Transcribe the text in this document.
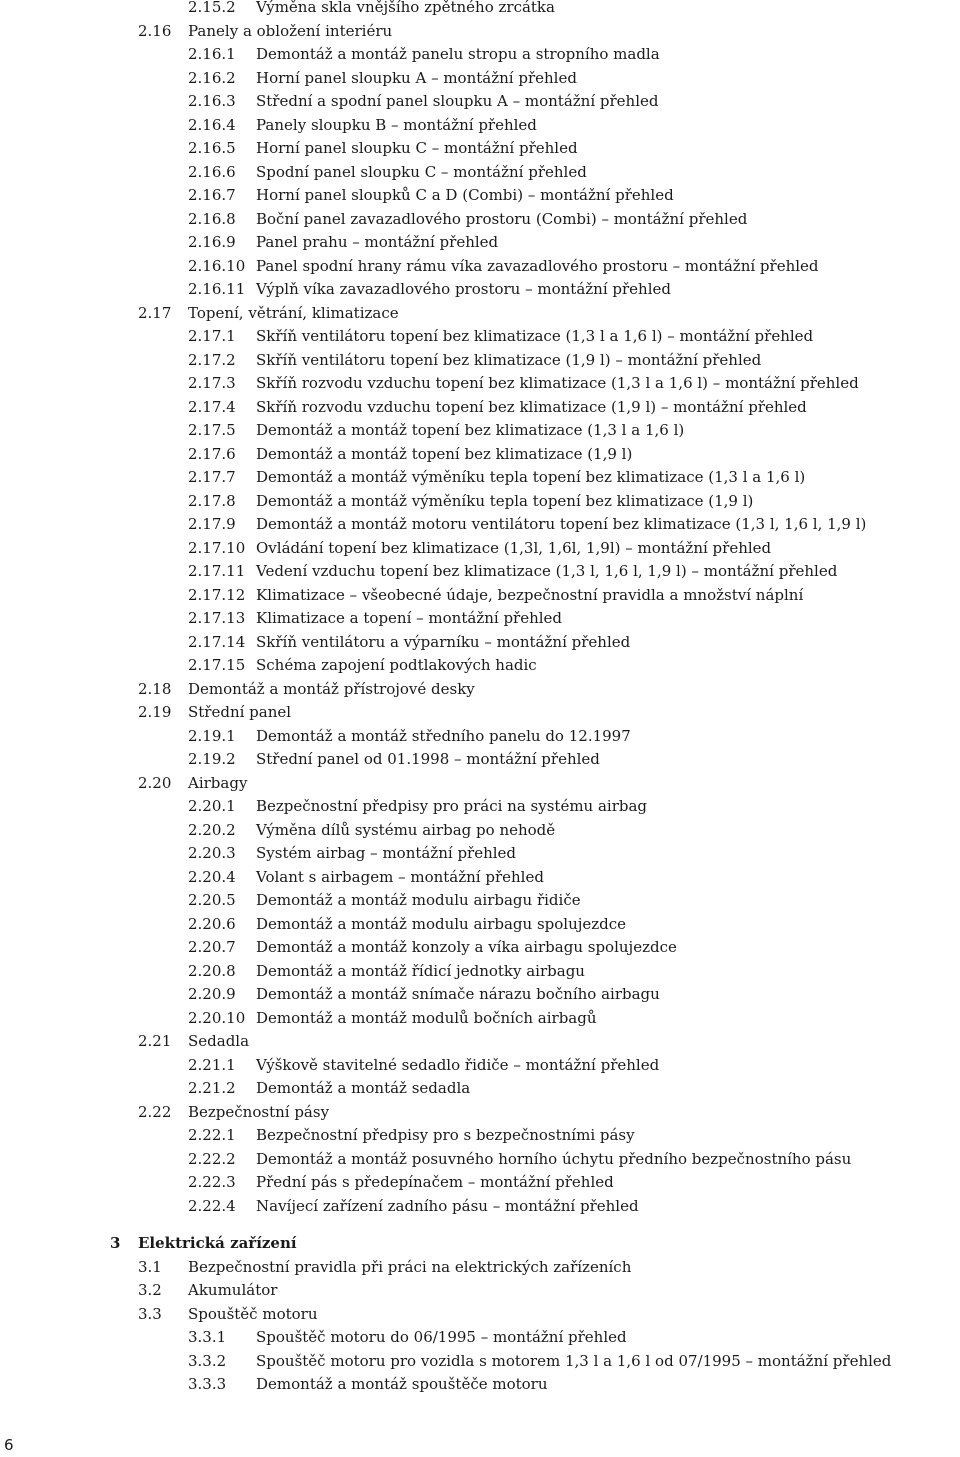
2.15.2 Výměna skla vnějšího zpětného zrcátka
2.16 Panely a obložení interiéru
2.16.1 Demontáž a montáž panelu stropu a stropního madla
2.16.2 Horní panel sloupku A – montážní přehled
2.16.3 Střední a spodní panel sloupku A – montážní přehled
2.16.4 Panely sloupku B – montážní přehled
2.16.5 Horní panel sloupku C – montážní přehled
2.16.6 Spodní panel sloupku C – montážní přehled
2.16.7 Horní panel sloupků C a D (Combi) – montážní přehled
2.16.8 Boční panel zavazadlového prostoru (Combi) – montážní přehled
2.16.9 Panel prahu – montážní přehled
2.16.10 Panel spodní hrany rámu víka zavazadlového prostoru – montážní přehled
2.16.11 Výplň víka zavazadlového prostoru – montážní přehled
2.17 Topení, větrání, klimatizace
2.17.1 Skříň ventilátoru topení bez klimatizace (1,3 l a 1,6 l) – montážní přehled
2.17.2 Skříň ventilátoru topení bez klimatizace (1,9 l) – montážní přehled
2.17.3 Skříň rozvodu vzduchu topení bez klimatizace (1,3 l a 1,6 l) – montážní přehled
2.17.4 Skříň rozvodu vzduchu topení bez klimatizace (1,9 l) – montážní přehled
2.17.5 Demontáž a montáž topení bez klimatizace (1,3 l a 1,6 l)
2.17.6 Demontáž a montáž topení bez klimatizace (1,9 l)
2.17.7 Demontáž a montáž výměníku tepla topení bez klimatizace (1,3 l a 1,6 l)
2.17.8 Demontáž a montáž výměníku tepla topení bez klimatizace (1,9 l)
2.17.9 Demontáž a montáž motoru ventilátoru topení bez klimatizace (1,3 l, 1,6 l, 1,9 l)
2.17.10 Ovládání topení bez klimatizace (1,3l, 1,6l, 1,9l) – montážní přehled
2.17.11 Vedení vzduchu topení bez klimatizace (1,3 l, 1,6 l, 1,9 l) – montážní přehled
2.17.12 Klimatizace – všeobecné údaje, bezpečnostní pravidla a množství náplní
2.17.13 Klimatizace a topení – montážní přehled
2.17.14 Skříň ventilátoru a výparníku – montážní přehled
2.17.15 Schéma zapojení podtlakových hadic
2.18 Demontáž a montáž přístrojové desky
2.19 Střední panel
2.19.1 Demontáž a montáž středního panelu do 12.1997
2.19.2 Střední panel od 01.1998 – montážní přehled
2.20 Airbagy
2.20.1 Bezpečnostní předpisy pro práci na systému airbag
2.20.2 Výměna dílů systému airbag po nehodě
2.20.3 Systém airbag – montážní přehled
2.20.4 Volant s airbagem – montážní přehled
2.20.5 Demontáž a montáž modulu airbagu řidiče
2.20.6 Demontáž a montáž modulu airbagu spolujezdce
2.20.7 Demontáž a montáž konzoly a víka airbagu spolujezdce
2.20.8 Demontáž a montáž řídicí jednotky airbagu
2.20.9 Demontáž a montáž snímače nárazu bočního airbagu
2.20.10 Demontáž a montáž modulů bočních airbagů
2.21 Sedadla
2.21.1 Výškově stavitelné sedadlo řidiče – montážní přehled
2.21.2 Demontáž a montáž sedadla
2.22 Bezpečnostní pásy
2.22.1 Bezpečnostní předpisy pro s bezpečnostními pásy
2.22.2 Demontáž a montáž posuvného horního úchytu předního bezpečnostního pásu
2.22.3 Přední pás s předepínačem – montážní přehled
2.22.4 Navíjecí zařízení zadního pásu – montážní přehled
3 Elektrická zařízení
3.1 Bezpečnostní pravidla při práci na elektrických zařízeních
3.2 Akumulátor
3.3 Spouštěč motoru
3.3.1 Spouštěč motoru do 06/1995 – montážní přehled
3.3.2 Spouštěč motoru pro vozidla s motorem 1,3 l a 1,6 l od 07/1995 – montážní přehled
3.3.3 Demontáž a montáž spouštěče motoru
6
